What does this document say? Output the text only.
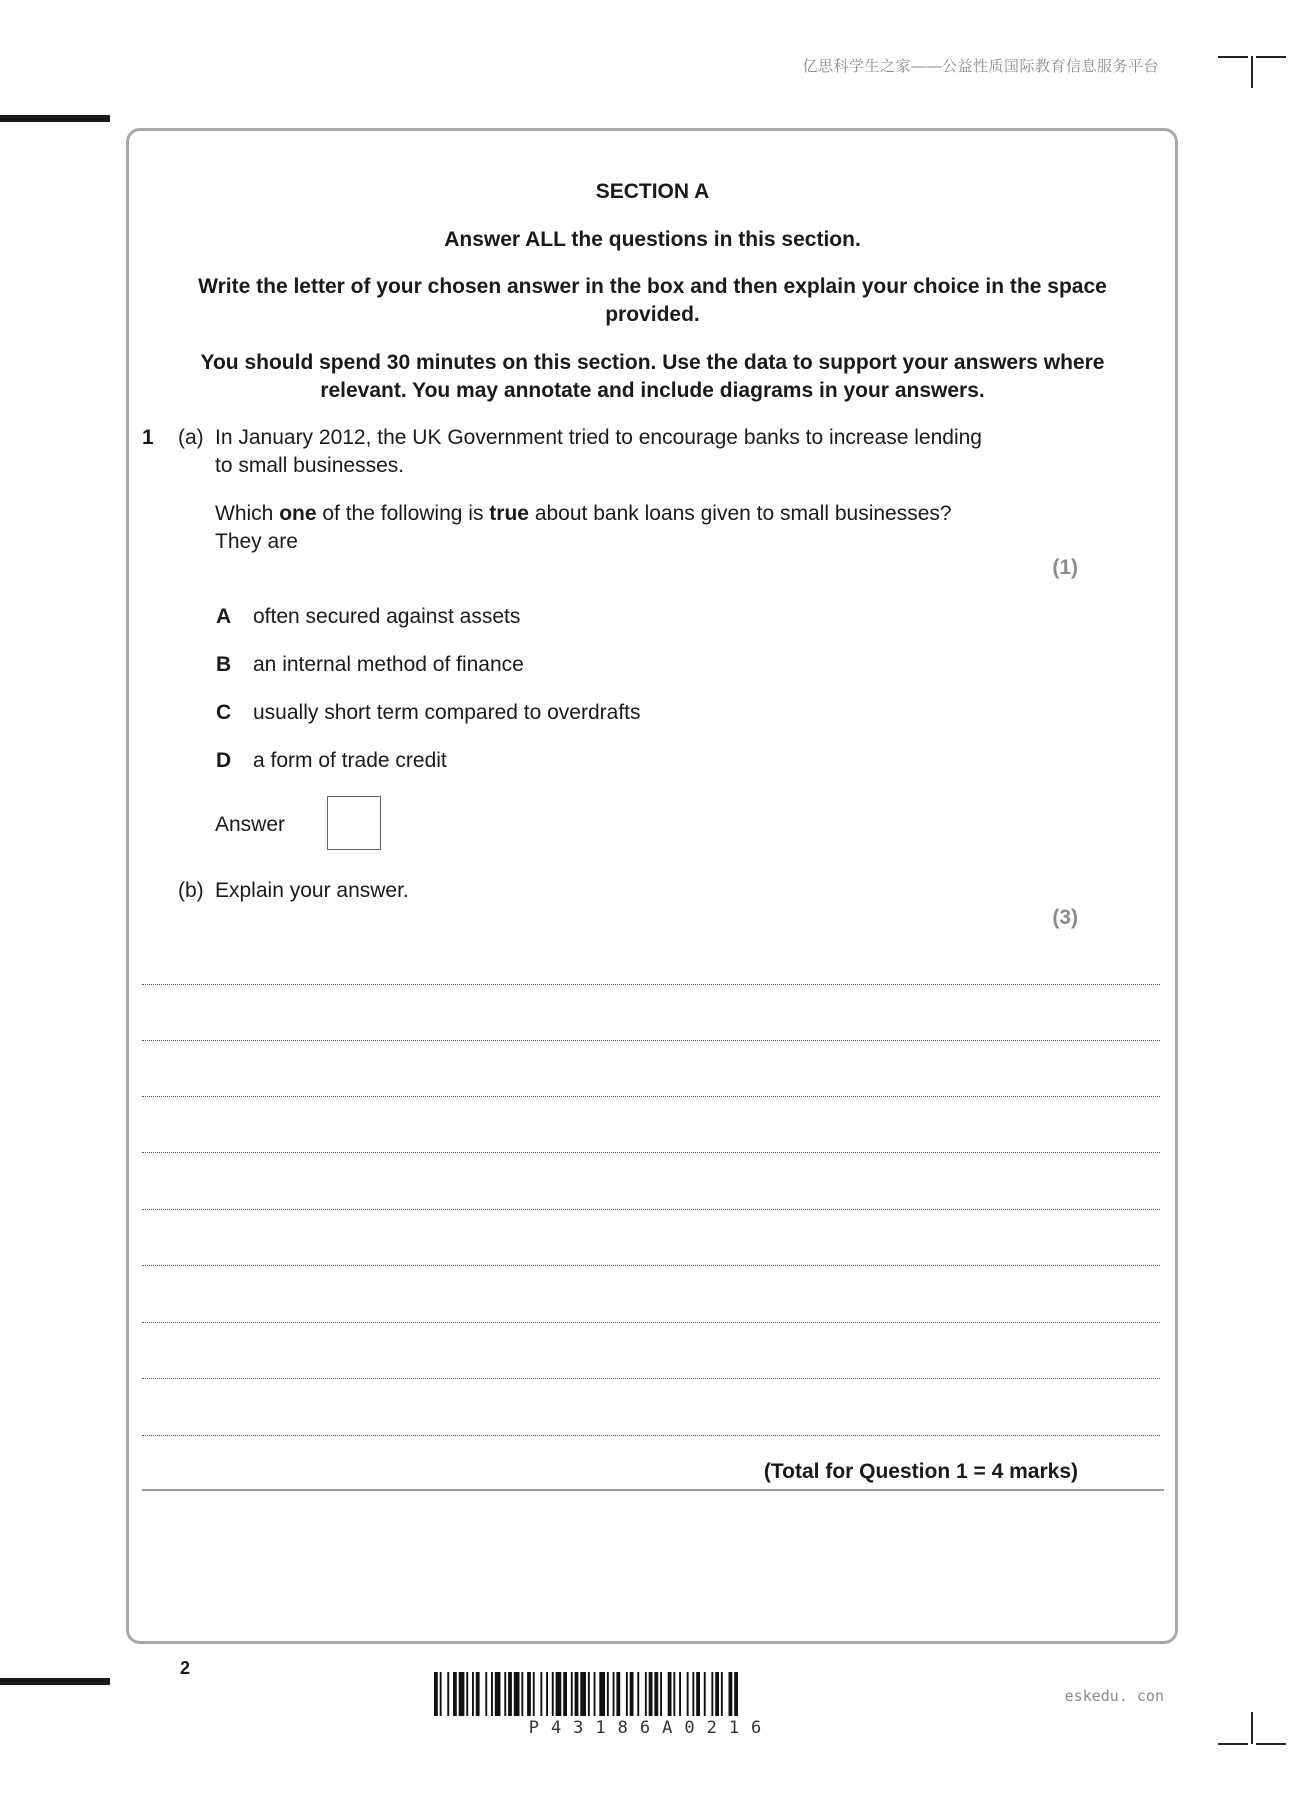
亿思科学生之家——公益性质国际教育信息服务平台
SECTION A
Answer ALL the questions in this section.
Write the letter of your chosen answer in the box and then explain your choice in the space
provided.
You should spend 30 minutes on this section. Use the data to support your answers where
relevant. You may annotate and include diagrams in your answers.
1 (a) In January 2012, the UK Government tried to encourage banks to increase lending
to small businesses.
Which one of the following is true about bank loans given to small businesses?
They are
(1)
A often secured against assets
B an internal method of finance
C usually short term compared to overdrafts
D a form of trade credit
Answer
(b) Explain your answer.
(3)
(Total for Question 1 = 4 marks)
2
P43186A0216
eskedu. con
